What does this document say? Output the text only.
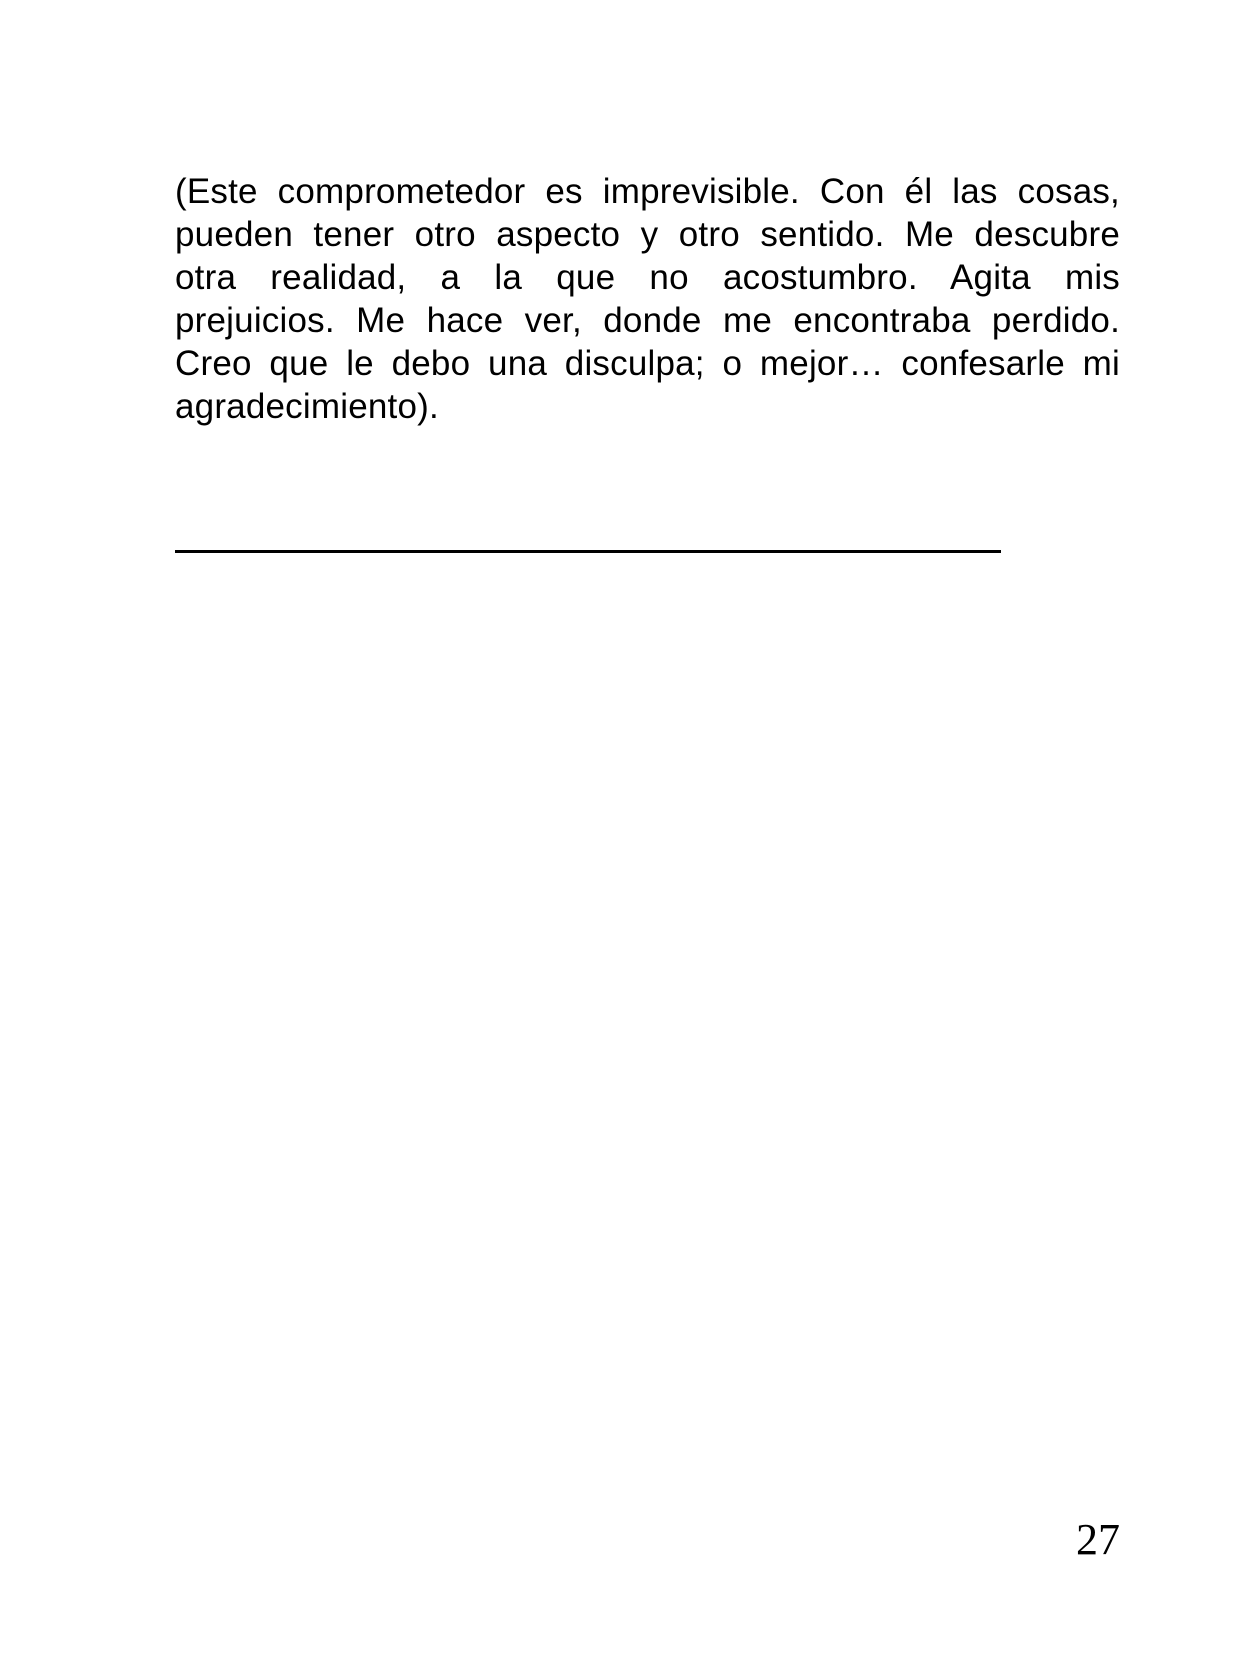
(Este comprometedor es imprevisible. Con él las cosas,
pueden tener otro aspecto y otro sentido. Me descubre
otra realidad, a la que no acostumbro. Agita mis
prejuicios. Me hace ver, donde me encontraba perdido.
Creo que le debo una disculpa; o mejor… confesarle mi
agradecimiento).

27
